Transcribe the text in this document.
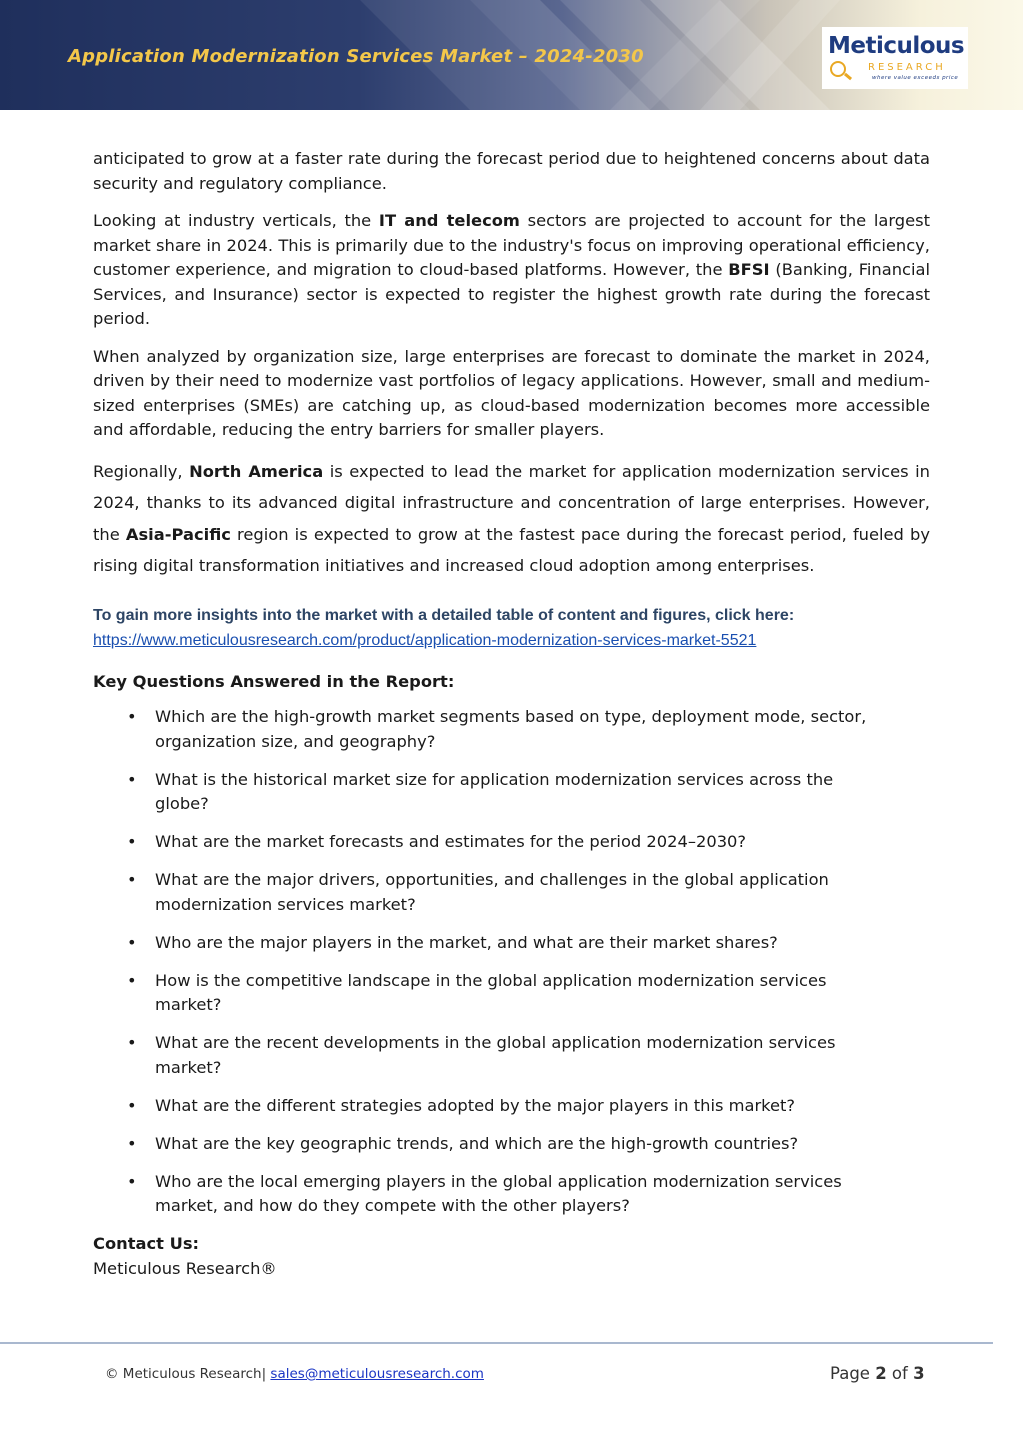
Application Modernization Services Market – 2024-2030	Meticulous
RESEARCH
where value exceeds price

anticipated to grow at a faster rate during the forecast period due to heightened concerns about data security and regulatory compliance.

Looking at industry verticals, the IT and telecom sectors are projected to account for the largest market share in 2024. This is primarily due to the industry's focus on improving operational efficiency, customer experience, and migration to cloud-based platforms. However, the BFSI (Banking, Financial Services, and Insurance) sector is expected to register the highest growth rate during the forecast period.

When analyzed by organization size, large enterprises are forecast to dominate the market in 2024, driven by their need to modernize vast portfolios of legacy applications. However, small and medium-sized enterprises (SMEs) are catching up, as cloud-based modernization becomes more accessible and affordable, reducing the entry barriers for smaller players.

Regionally, North America is expected to lead the market for application modernization services in 2024, thanks to its advanced digital infrastructure and concentration of large enterprises. However, the Asia-Pacific region is expected to grow at the fastest pace during the forecast period, fueled by rising digital transformation initiatives and increased cloud adoption among enterprises.

To gain more insights into the market with a detailed table of content and figures, click here:
https://www.meticulousresearch.com/product/application-modernization-services-market-5521
Key Questions Answered in the Report:
• Which are the high-growth market segments based on type, deployment mode, sector, organization size, and geography?
• What is the historical market size for application modernization services across the globe?
• What are the market forecasts and estimates for the period 2024–2030?
• What are the major drivers, opportunities, and challenges in the global application modernization services market?
• Who are the major players in the market, and what are their market shares?
• How is the competitive landscape in the global application modernization services market?
• What are the recent developments in the global application modernization services market?
• What are the different strategies adopted by the major players in this market?
• What are the key geographic trends, and which are the high-growth countries?
• Who are the local emerging players in the global application modernization services market, and how do they compete with the other players?
Contact Us:
Meticulous Research®
© Meticulous Research| sales@meticulousresearch.com	Page 2 of 3
